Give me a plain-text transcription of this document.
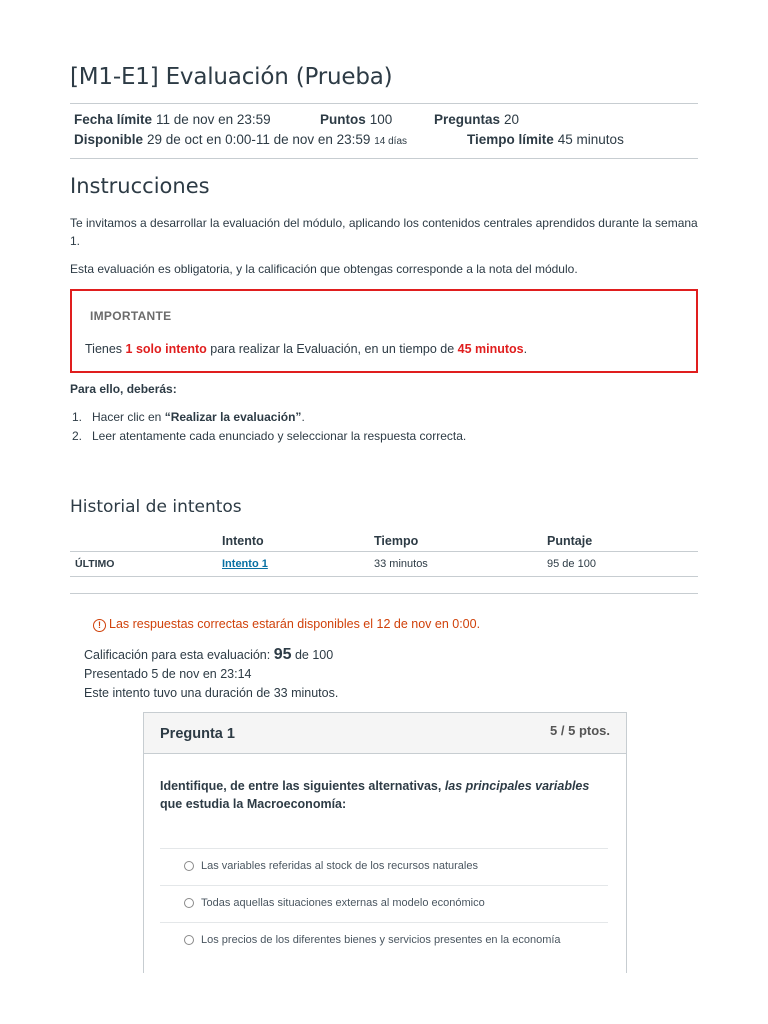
[M1-E1] Evaluación (Prueba)
Fecha límite 11 de nov en 23:59	Puntos 100	Preguntas 20
Disponible 29 de oct en 0:00-11 de nov en 23:59 14 días	Tiempo límite 45 minutos
Instrucciones
Te invitamos a desarrollar la evaluación del módulo, aplicando los contenidos centrales aprendidos durante la semana 1.
Esta evaluación es obligatoria, y la calificación que obtengas corresponde a la nota del módulo.
IMPORTANTE
Tienes 1 solo intento para realizar la Evaluación, en un tiempo de 45 minutos.
Para ello, deberás:
1. Hacer clic en “Realizar la evaluación”.
2. Leer atentamente cada enunciado y seleccionar la respuesta correcta.
Historial de intentos
	Intento	Tiempo	Puntaje
ÚLTIMO	Intento 1	33 minutos	95 de 100
! Las respuestas correctas estarán disponibles el 12 de nov en 0:00.
Calificación para esta evaluación: 95 de 100
Presentado 5 de nov en 23:14
Este intento tuvo una duración de 33 minutos.
Pregunta 1	5 / 5 ptos.
Identifique, de entre las siguientes alternativas, las principales variables
que estudia la Macroeconomía:
Las variables referidas al stock de los recursos naturales
Todas aquellas situaciones externas al modelo económico
Los precios de los diferentes bienes y servicios presentes en la economía
